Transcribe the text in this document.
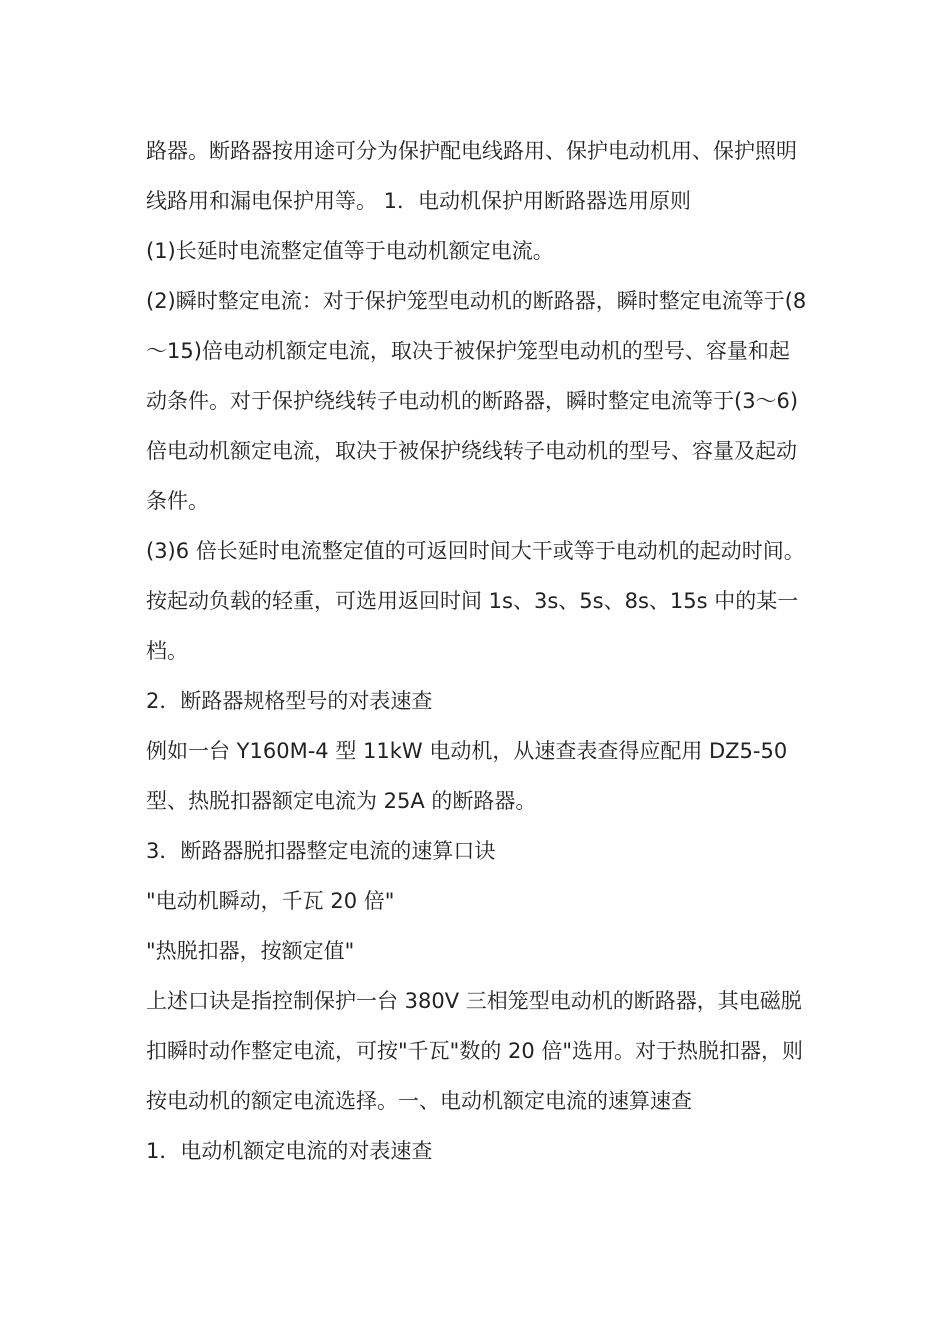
路器。断路器按用途可分为保护配电线路用、保护电动机用、保护照明线路用和漏电保护用等。 1．电动机保护用断路器选用原则

(1)长延时电流整定值等于电动机额定电流。

(2)瞬时整定电流：对于保护笼型电动机的断路器，瞬时整定电流等于(8～15)倍电动机额定电流，取决于被保护笼型电动机的型号、容量和起动条件。对于保护绕线转子电动机的断路器，瞬时整定电流等于(3～6)倍电动机额定电流，取决于被保护绕线转子电动机的型号、容量及起动条件。

(3)6 倍长延时电流整定值的可返回时间大干或等于电动机的起动时间。按起动负载的轻重，可选用返回时间 1s、3s、5s、8s、15s 中的某一档。

2．断路器规格型号的对表速查

例如一台 Y160M-4 型 11kW 电动机，从速查表查得应配用 DZ5-50 型、热脱扣器额定电流为 25A 的断路器。

3．断路器脱扣器整定电流的速算口诀

"电动机瞬动，千瓦 20 倍"

"热脱扣器，按额定值"

上述口诀是指控制保护一台 380V 三相笼型电动机的断路器，其电磁脱扣瞬时动作整定电流，可按"千瓦"数的 20 倍"选用。对于热脱扣器，则按电动机的额定电流选择。一、电动机额定电流的速算速查

1．电动机额定电流的对表速查
